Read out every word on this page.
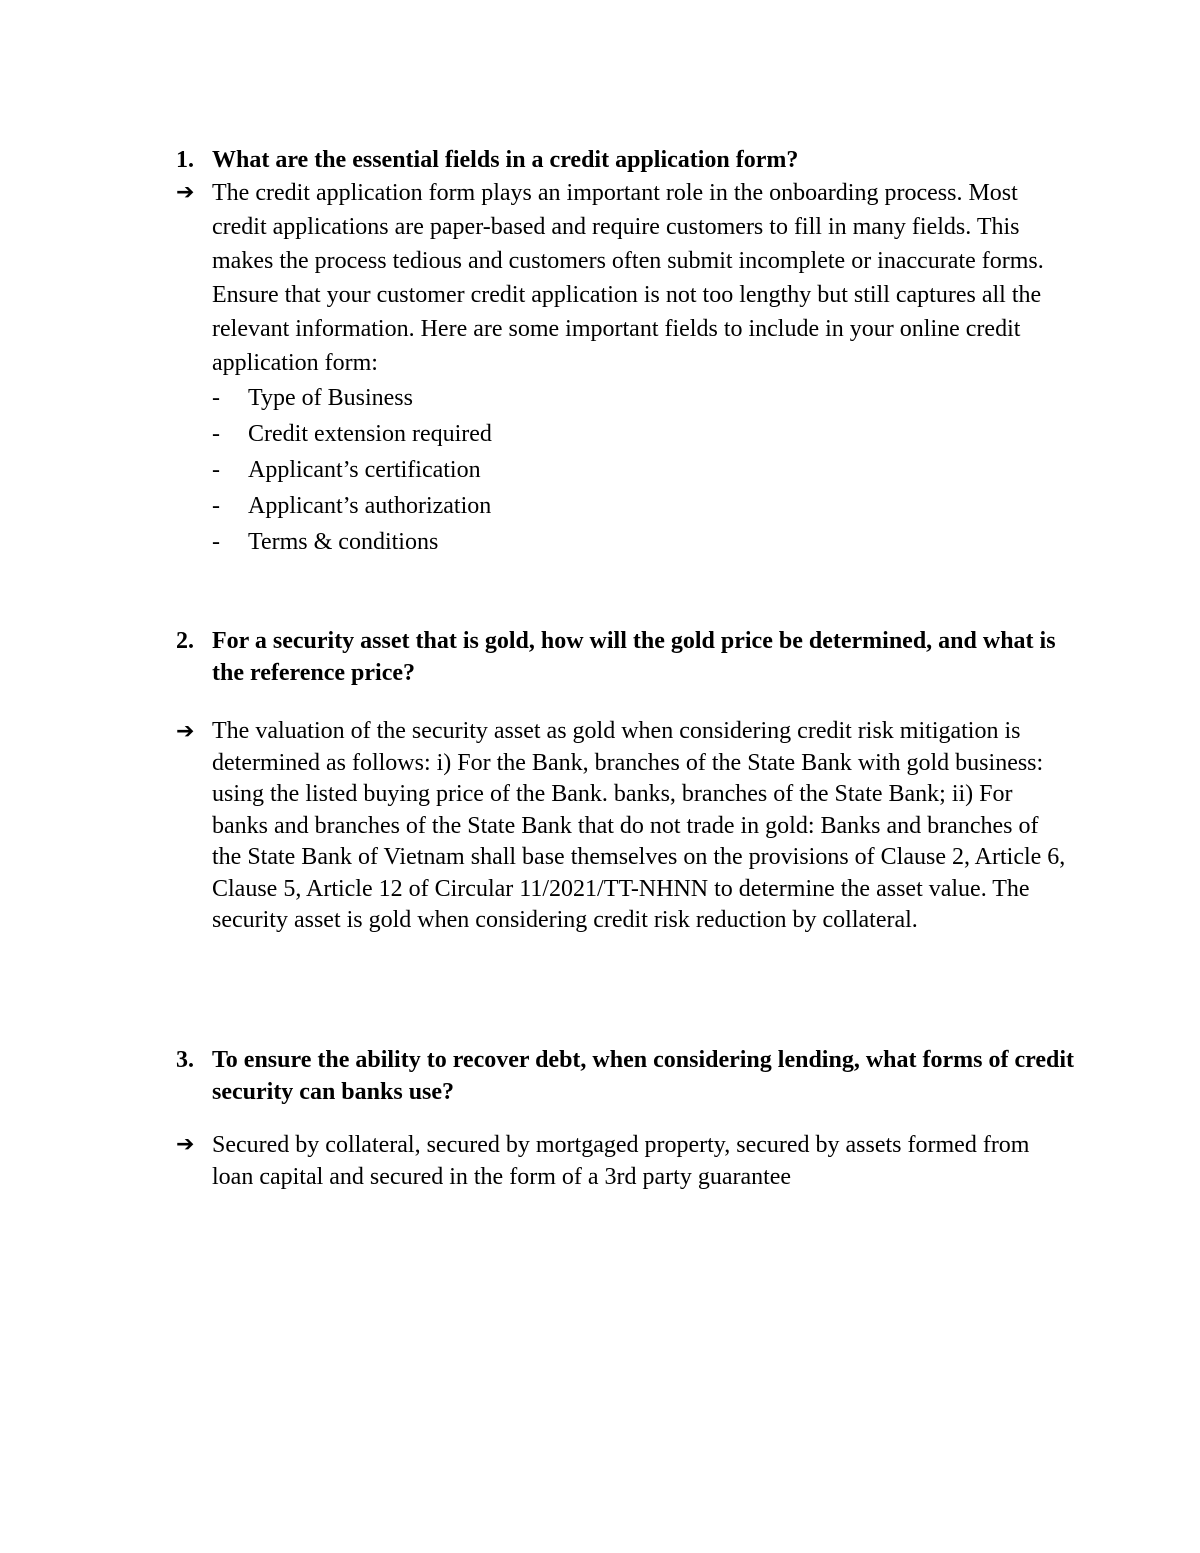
1. What are the essential fields in a credit application form?
➔ The credit application form plays an important role in the onboarding process. Most credit applications are paper-based and require customers to fill in many fields. This makes the process tedious and customers often submit incomplete or inaccurate forms. Ensure that your customer credit application is not too lengthy but still captures all the relevant information. Here are some important fields to include in your online credit application form:
- Type of Business
- Credit extension required
- Applicant’s certification
- Applicant’s authorization
- Terms & conditions
2. For a security asset that is gold, how will the gold price be determined, and what is the reference price?
➔ The valuation of the security asset as gold when considering credit risk mitigation is determined as follows: i) For the Bank, branches of the State Bank with gold business: using the listed buying price of the Bank. banks, branches of the State Bank; ii) For banks and branches of the State Bank that do not trade in gold: Banks and branches of the State Bank of Vietnam shall base themselves on the provisions of Clause 2, Article 6, Clause 5, Article 12 of Circular 11/2021/TT-NHNN to determine the asset value. The security asset is gold when considering credit risk reduction by collateral.
3. To ensure the ability to recover debt, when considering lending, what forms of credit security can banks use?
➔ Secured by collateral, secured by mortgaged property, secured by assets formed from loan capital and secured in the form of a 3rd party guarantee
